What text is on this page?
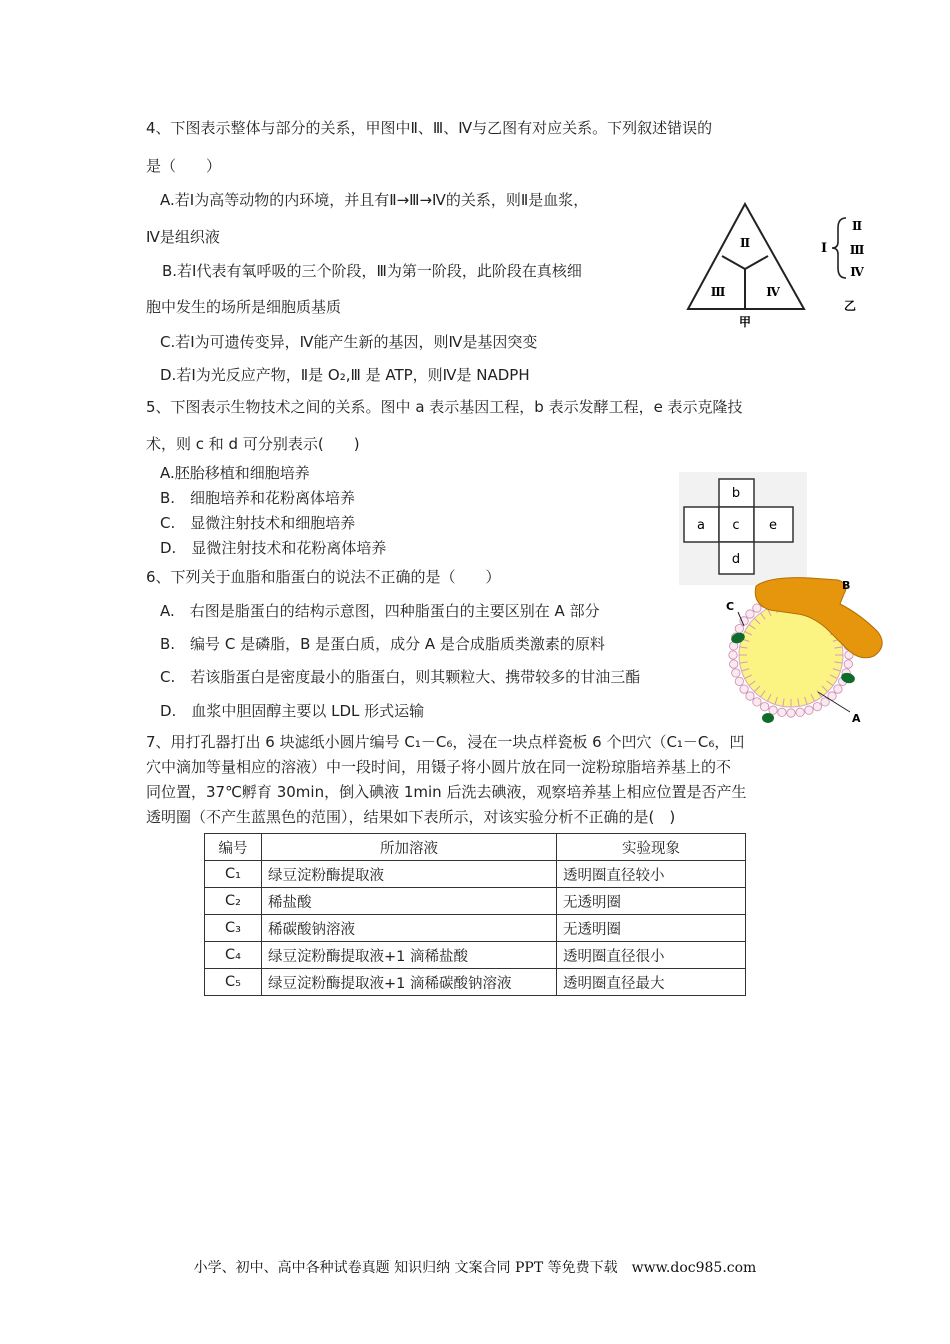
4、下图表示整体与部分的关系，甲图中Ⅱ、Ⅲ、Ⅳ与乙图有对应关系。下列叙述错误的
是（　　）
A.若Ⅰ为高等动物的内环境，并且有Ⅱ→Ⅲ→Ⅳ的关系，则Ⅱ是血浆，
Ⅳ是组织液
B.若Ⅰ代表有氧呼吸的三个阶段，Ⅲ为第一阶段，此阶段在真核细
胞中发生的场所是细胞质基质
C.若Ⅰ为可遗传变异，Ⅳ能产生新的基因，则Ⅳ是基因突变
D.若Ⅰ为光反应产物，Ⅱ是 O₂,Ⅲ 是 ATP，则Ⅳ是 NADPH
Ⅱ
Ⅲ	Ⅳ
甲
Ⅰ
Ⅱ
Ⅲ
Ⅳ
乙
5、下图表示生物技术之间的关系。图中 a 表示基因工程，b 表示发酵工程，e 表示克隆技
术，则 c 和 d 可分别表示(　　)
A.胚胎移植和细胞培养
B.　细胞培养和花粉离体培养
C.　显微注射技术和细胞培养
D.　显微注射技术和花粉离体培养
b
a c e
d
6、下列关于血脂和脂蛋白的说法不正确的是（　　）
A.　右图是脂蛋白的结构示意图，四种脂蛋白的主要区别在 A 部分
B.　编号 C 是磷脂，B 是蛋白质，成分 A 是合成脂质类激素的原料
C.　若该脂蛋白是密度最小的脂蛋白，则其颗粒大、携带较多的甘油三酯
D.　血浆中胆固醇主要以 LDL 形式运输	A
B
C
7、用打孔器打出 6 块滤纸小圆片编号 C₁－C₆，浸在一块点样瓷板 6 个凹穴（C₁－C₆，凹
穴中滴加等量相应的溶液）中一段时间，用镊子将小圆片放在同一淀粉琼脂培养基上的不
同位置，37℃孵育 30min，倒入碘液 1min 后洗去碘液，观察培养基上相应位置是否产生
透明圈（不产生蓝黑色的范围），结果如下表所示，对该实验分析不正确的是(　)
编号	所加溶液	实验现象
C₁	绿豆淀粉酶提取液	透明圈直径较小
C₂	稀盐酸	无透明圈
C₃	稀碳酸钠溶液	无透明圈
C₄	绿豆淀粉酶提取液+1 滴稀盐酸	透明圈直径很小
C₅	绿豆淀粉酶提取液+1 滴稀碳酸钠溶液	透明圈直径最大
小学、初中、高中各种试卷真题 知识归纳 文案合同 PPT 等免费下载　www.doc985.com
